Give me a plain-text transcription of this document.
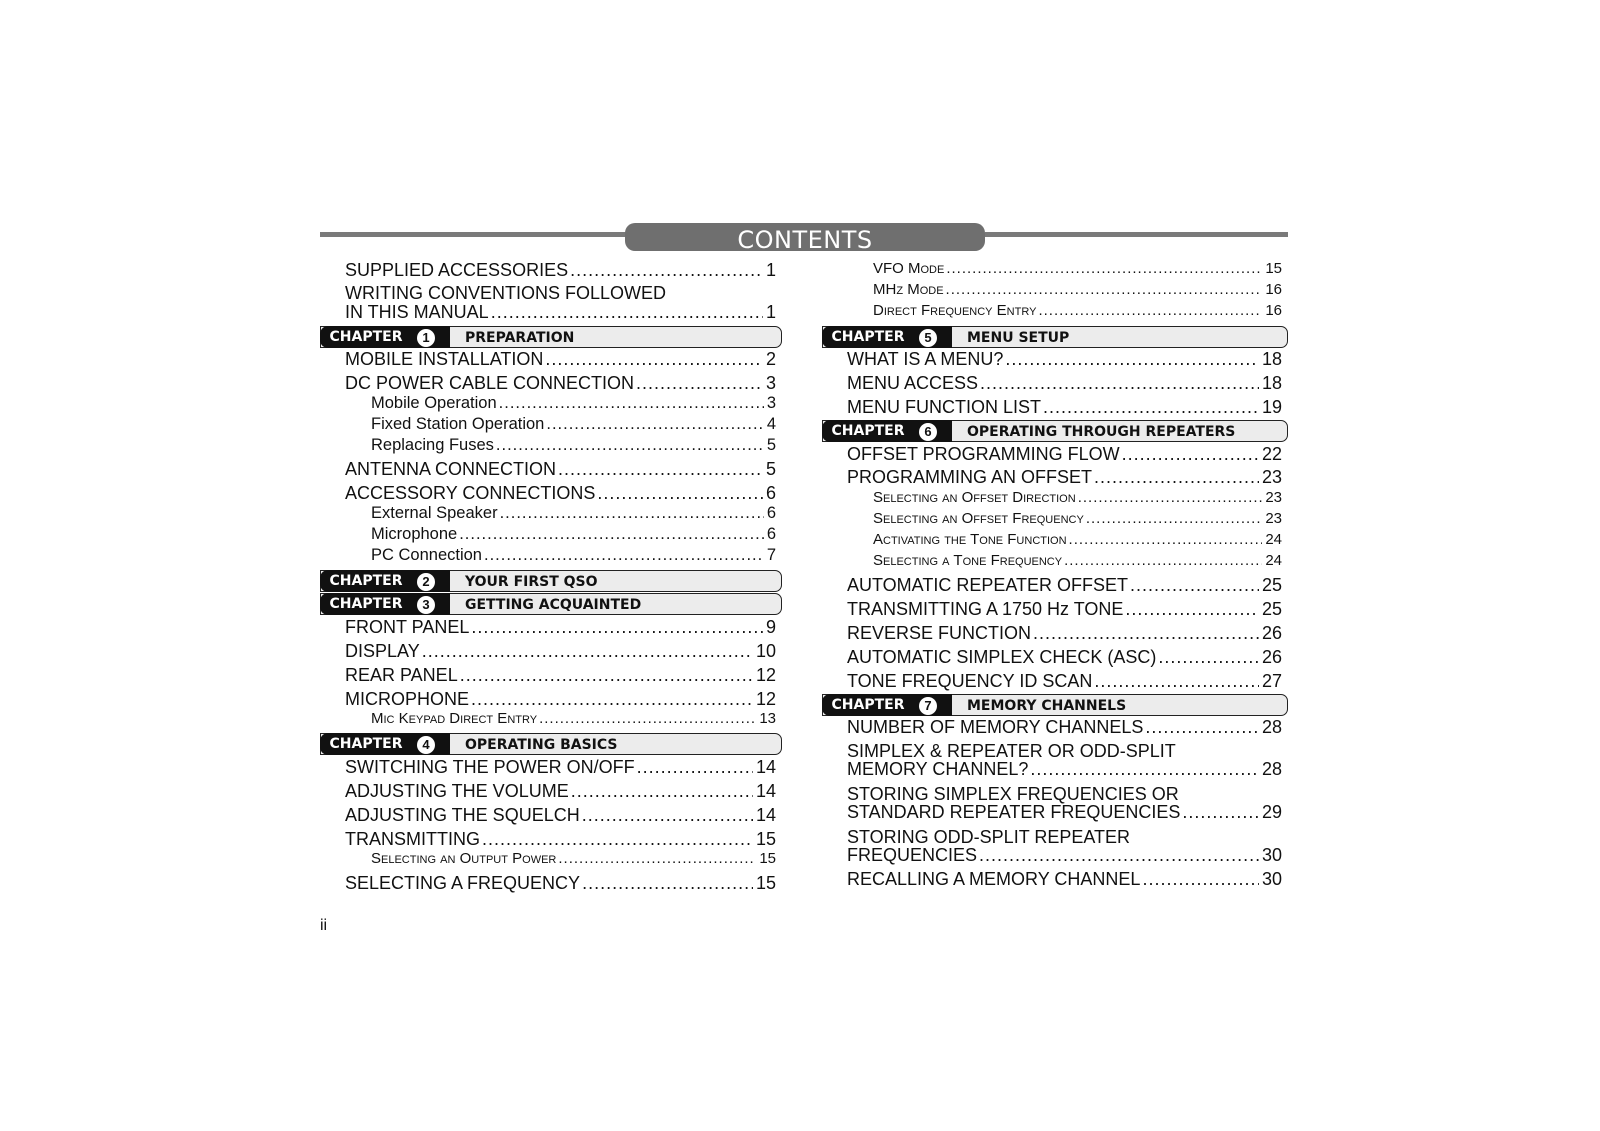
CONTENTS
SUPPLIED ACCESSORIES .....	1
WRITING CONVENTIONS FOLLOWED
IN THIS MANUAL .....	1
CHAPTER	1	PREPARATION
MOBILE INSTALLATION .....	2
DC POWER CABLE CONNECTION .....	3
Mobile Operation .....	3
Fixed Station Operation .....	4
Replacing Fuses .....	5
ANTENNA CONNECTION .....	5
ACCESSORY CONNECTIONS .....	6
External Speaker .....	6
Microphone .....	6
PC Connection .....	7
CHAPTER	2	YOUR FIRST QSO
CHAPTER	3	GETTING ACQUAINTED
FRONT PANEL .....	9
DISPLAY .....	10
REAR PANEL .....	12
MICROPHONE .....	12
Mic Keypad Direct Entry .....	13
CHAPTER	4	OPERATING BASICS
SWITCHING THE POWER ON/OFF .....	14
ADJUSTING THE VOLUME .....	14
ADJUSTING THE SQUELCH .....	14
TRANSMITTING .....	15
Selecting an Output Power .....	15
SELECTING A FREQUENCY .....	15
VFO Mode .....	15
MHz Mode .....	16
Direct Frequency Entry .....	16
CHAPTER	5	MENU SETUP
WHAT IS A MENU? .....	18
MENU ACCESS .....	18
MENU FUNCTION LIST .....	19
CHAPTER	6	OPERATING THROUGH REPEATERS
OFFSET PROGRAMMING FLOW .....	22
PROGRAMMING AN OFFSET .....	23
Selecting an Offset Direction .....	23
Selecting an Offset Frequency .....	23
Activating the Tone Function .....	24
Selecting a Tone Frequency .....	24
AUTOMATIC REPEATER OFFSET .....	25
TRANSMITTING A 1750 Hz TONE .....	25
REVERSE FUNCTION .....	26
AUTOMATIC SIMPLEX CHECK (ASC) .....	26
TONE FREQUENCY ID SCAN .....	27
CHAPTER	7	MEMORY CHANNELS
NUMBER OF MEMORY CHANNELS .....	28
SIMPLEX & REPEATER OR ODD-SPLIT
MEMORY CHANNEL? .....	28
STORING SIMPLEX FREQUENCIES OR
STANDARD REPEATER FREQUENCIES .....	29
STORING ODD-SPLIT REPEATER
FREQUENCIES .....	30
RECALLING A MEMORY CHANNEL .....	30
ii
